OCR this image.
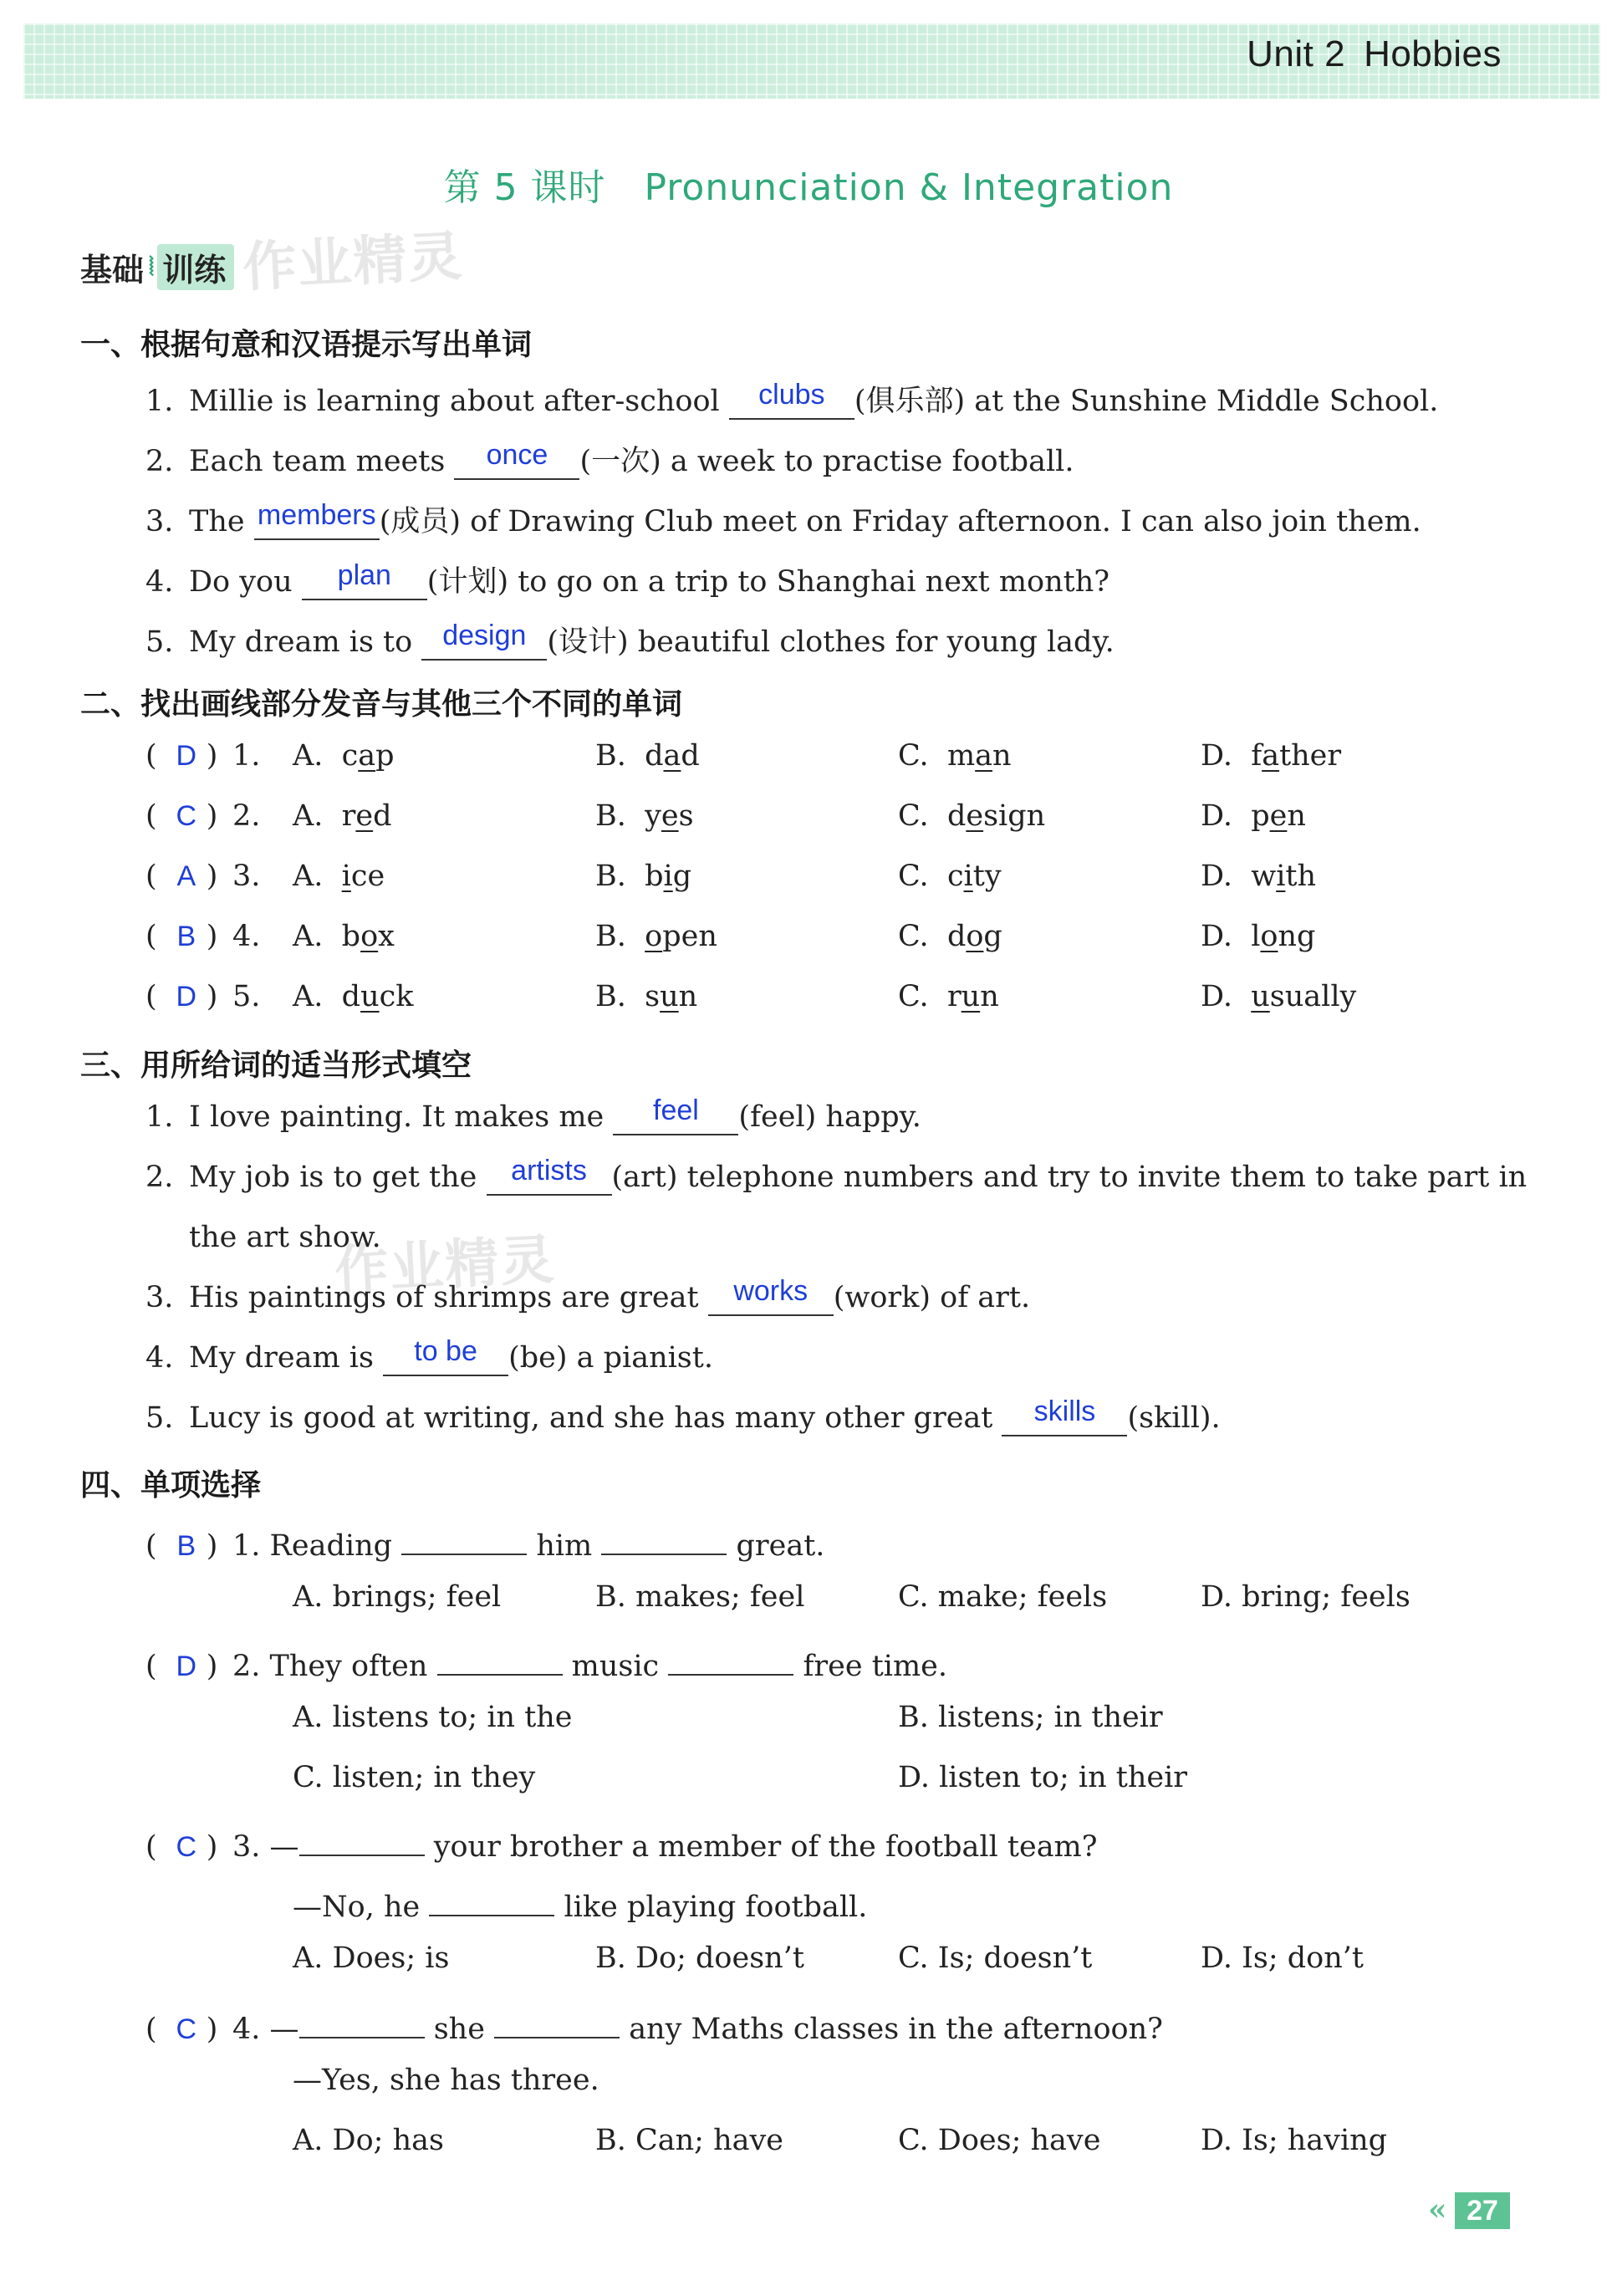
Unit 2 Hobbies
第 5 课时 Pronunciation & Integration
基础 ⦚ 训练 作业精灵
作业精灵
一、根据句意和汉语提示写出单词
1. Millie is learning about after-school clubs (俱乐部) at the Sunshine Middle School.
2. Each team meets once (一次) a week to practise football.
3. The members (成员) of Drawing Club meet on Friday afternoon. I can also join them.
4. Do you plan (计划) to go on a trip to Shanghai next month?
5. My dream is to design (设计) beautiful clothes for young lady.
二、找出画线部分发音与其他三个不同的单词
( D ) 1. A. cap	B. dad	C. man	D. father
( C ) 2. A. red	B. yes	C. design	D. pen
( A ) 3. A. ice	B. big	C. city	D. with
( B ) 4. A. box	B. open	C. dog	D. long
( D ) 5. A. duck	B. sun	C. run	D. usually
三、用所给词的适当形式填空
1. I love painting. It makes me feel (feel) happy.
2. My job is to get the artists (art) telephone numbers and try to invite them to take part in
the art show.
3. His paintings of shrimps are great works (work) of art.
4. My dream is to be (be) a pianist.
5. Lucy is good at writing, and she has many other great skills (skill).
四、单项选择
( B ) 1. Reading	him	great.
A. brings; feel	B. makes; feel	C. make; feels	D. bring; feels
( D ) 2. They often	music	free time.
A. listens to; in the	B. listens; in their
C. listen; in they	D. listen to; in their
( C ) 3. —	your brother a member of the football team?
—No, he	like playing football.
A. Does; is	B. Do; doesn’t	C. Is; doesn’t	D. Is; don’t
( C ) 4. —	she	any Maths classes in the afternoon?
—Yes, she has three.
A. Do; has	B. Can; have	C. Does; have	D. Is; having
« 27
